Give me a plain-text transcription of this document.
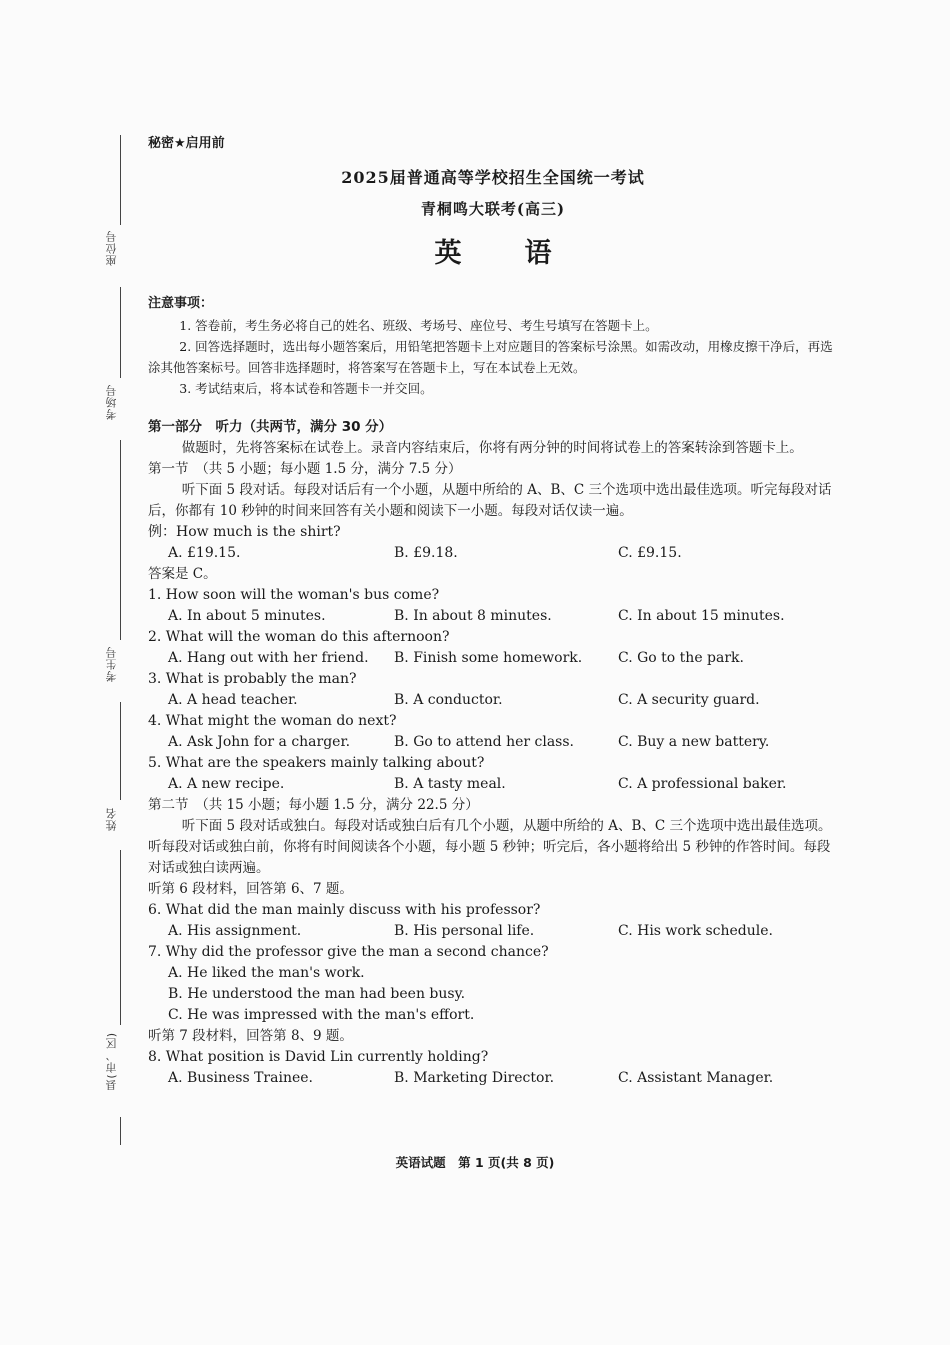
座位号
考场号
考生号
姓名
县(市、区)

秘密★启用前

2025届普通高等学校招生全国统一考试

青桐鸣大联考(高三)

英　语

注意事项：

1. 答卷前，考生务必将自己的姓名、班级、考场号、座位号、考生号填写在答题卡上。

2. 回答选择题时，选出每小题答案后，用铅笔把答题卡上对应题目的答案标号涂黑。如需改动，用橡皮擦干净后，再选涂其他答案标号。回答非选择题时，将答案写在答题卡上，写在本试卷上无效。

3. 考试结束后，将本试卷和答题卡一并交回。

第一部分　听力（共两节，满分 30 分）

做题时，先将答案标在试卷上。录音内容结束后，你将有两分钟的时间将试卷上的答案转涂到答题卡上。

第一节　（共 5 小题；每小题 1.5 分，满分 7.5 分）

听下面 5 段对话。每段对话后有一个小题，从题中所给的 A、B、C 三个选项中选出最佳选项。听完每段对话后，你都有 10 秒钟的时间来回答有关小题和阅读下一小题。每段对话仅读一遍。

例：How much is the shirt?

A. £19.15.	B. £9.18.	C. £9.15.

答案是 C。

1. How soon will the woman's bus come?

A. In about 5 minutes.	B. In about 8 minutes.	C. In about 15 minutes.

2. What will the woman do this afternoon?

A. Hang out with her friend.	B. Finish some homework.	C. Go to the park.

3. What is probably the man?

A. A head teacher.	B. A conductor.	C. A security guard.

4. What might the woman do next?

A. Ask John for a charger.	B. Go to attend her class.	C. Buy a new battery.

5. What are the speakers mainly talking about?

A. A new recipe.	B. A tasty meal.	C. A professional baker.

第二节　（共 15 小题；每小题 1.5 分，满分 22.5 分）

听下面 5 段对话或独白。每段对话或独白后有几个小题，从题中所给的 A、B、C 三个选项中选出最佳选项。听每段对话或独白前，你将有时间阅读各个小题，每小题 5 秒钟；听完后，各小题将给出 5 秒钟的作答时间。每段对话或独白读两遍。

听第 6 段材料，回答第 6、7 题。

6. What did the man mainly discuss with his professor?

A. His assignment.	B. His personal life.	C. His work schedule.

7. Why did the professor give the man a second chance?

A. He liked the man's work.

B. He understood the man had been busy.

C. He was impressed with the man's effort.

听第 7 段材料，回答第 8、9 题。

8. What position is David Lin currently holding?

A. Business Trainee.	B. Marketing Director.	C. Assistant Manager.
英语试题　第 1 页(共 8 页)
